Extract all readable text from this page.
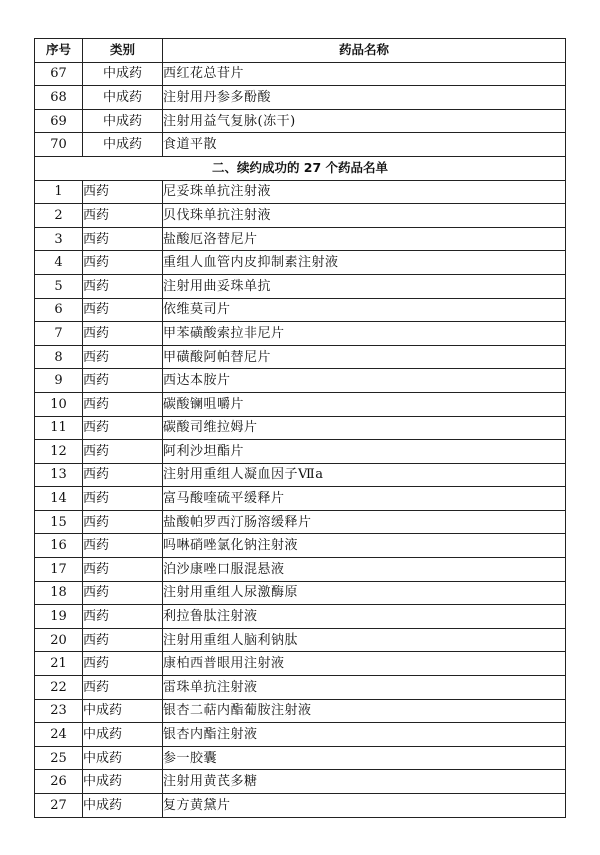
序号	类别	药品名称
67	中成药	西红花总苷片
68	中成药	注射用丹参多酚酸
69	中成药	注射用益气复脉(冻干)
70	中成药	食道平散
二、续约成功的 27 个药品名单		
1	西药	尼妥珠单抗注射液
2	西药	贝伐珠单抗注射液
3	西药	盐酸厄洛替尼片
4	西药	重组人血管内皮抑制素注射液
5	西药	注射用曲妥珠单抗
6	西药	依维莫司片
7	西药	甲苯磺酸索拉非尼片
8	西药	甲磺酸阿帕替尼片
9	西药	西达本胺片
10	西药	碳酸镧咀嚼片
11	西药	碳酸司维拉姆片
12	西药	阿利沙坦酯片
13	西药	注射用重组人凝血因子Ⅶa
14	西药	富马酸喹硫平缓释片
15	西药	盐酸帕罗西汀肠溶缓释片
16	西药	吗啉硝唑氯化钠注射液
17	西药	泊沙康唑口服混悬液
18	西药	注射用重组人尿激酶原
19	西药	利拉鲁肽注射液
20	西药	注射用重组人脑利钠肽
21	西药	康柏西普眼用注射液
22	西药	雷珠单抗注射液
23	中成药	银杏二萜内酯葡胺注射液
24	中成药	银杏内酯注射液
25	中成药	参一胶囊
26	中成药	注射用黄芪多糖
27	中成药	复方黄黛片
